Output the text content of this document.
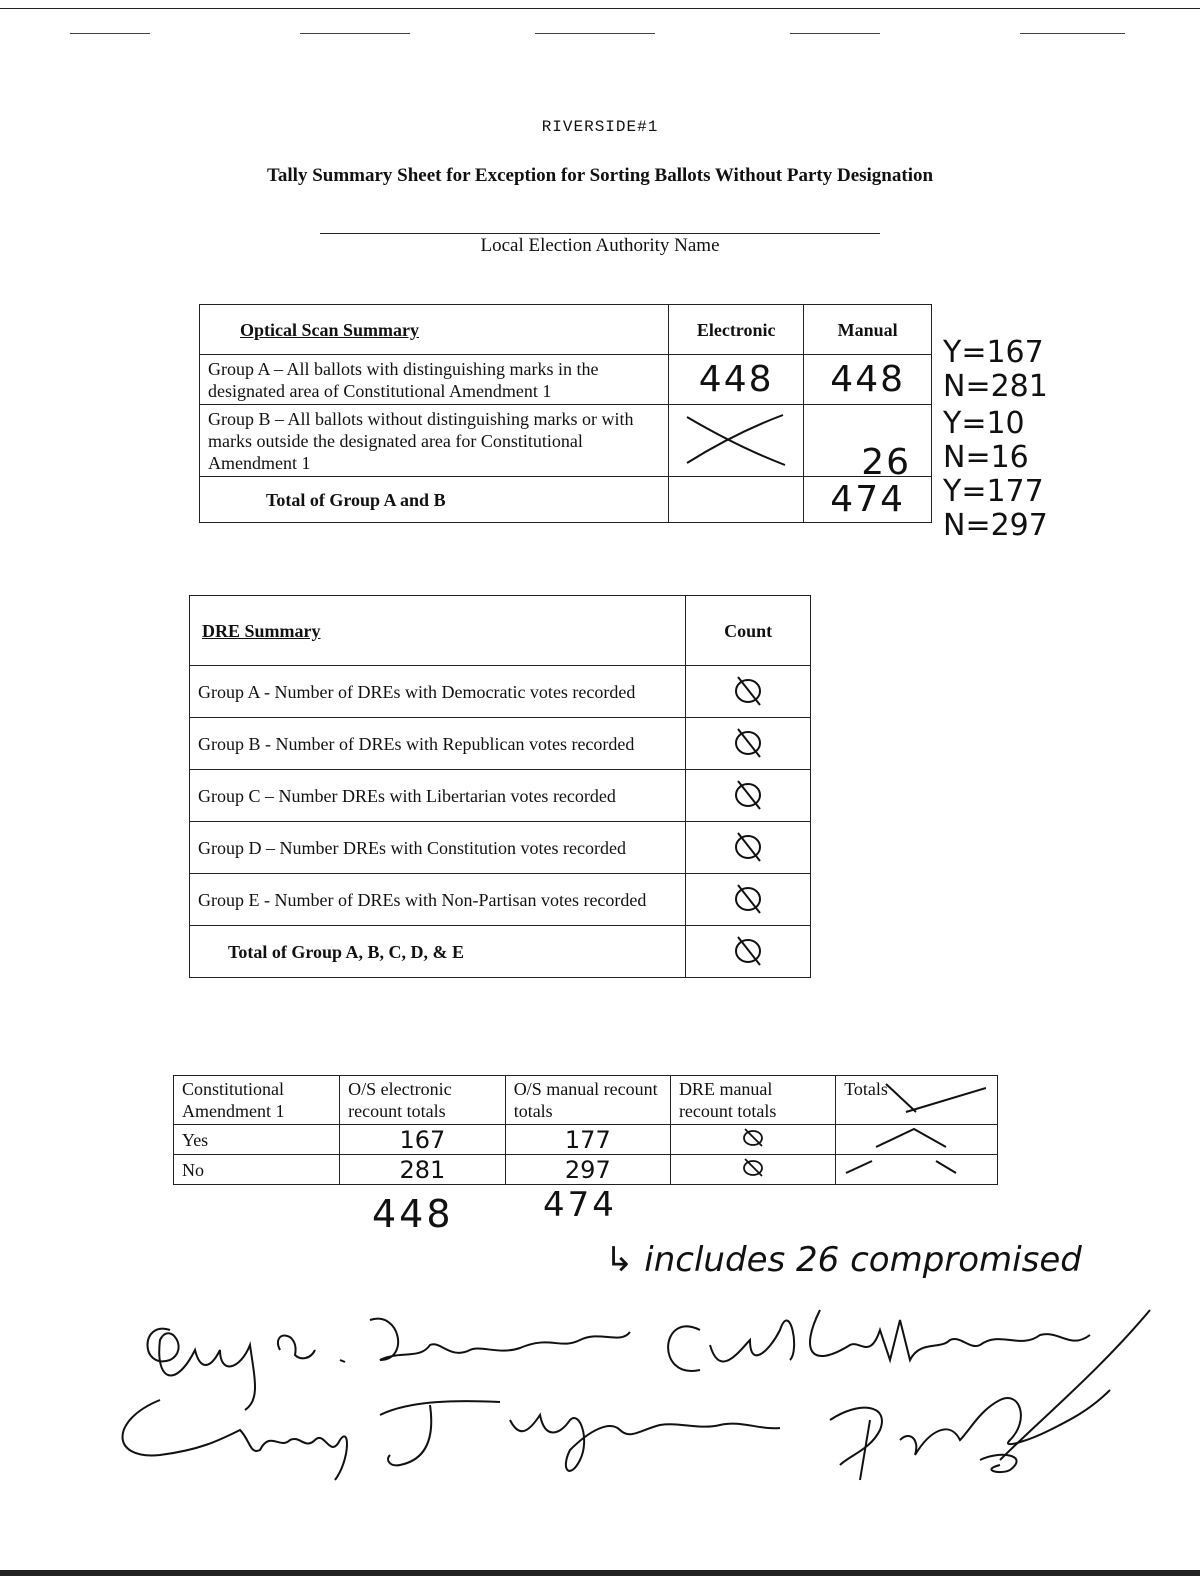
RIVERSIDE#1
Tally Summary Sheet for Exception for Sorting Ballots Without Party Designation
Local Election Authority Name
Optical Scan Summary	Electronic	Manual
Group A – All ballots with distinguishing marks in the designated area of Constitutional Amendment 1	448	448
Group B – All ballots without distinguishing marks or with marks outside the designated area for Constitutional Amendment 1		26
Total of Group A and B		474
Y=167
N=281
Y=10
N=16
Y=177
N=297
DRE Summary	Count
Group A - Number of DREs with Democratic votes recorded	
Group B - Number of DREs with Republican votes recorded	
Group C – Number DREs with Libertarian votes recorded	
Group D – Number DREs with Constitution votes recorded	
Group E - Number of DREs with Non-Partisan votes recorded	
Total of Group A, B, C, D, & E	
Constitutional Amendment 1	O/S electronic recount totals	O/S manual recount totals	DRE manual recount totals	Totals

Yes	167	177		
No	281	297		
448	474
↳ includes 26 compromised
